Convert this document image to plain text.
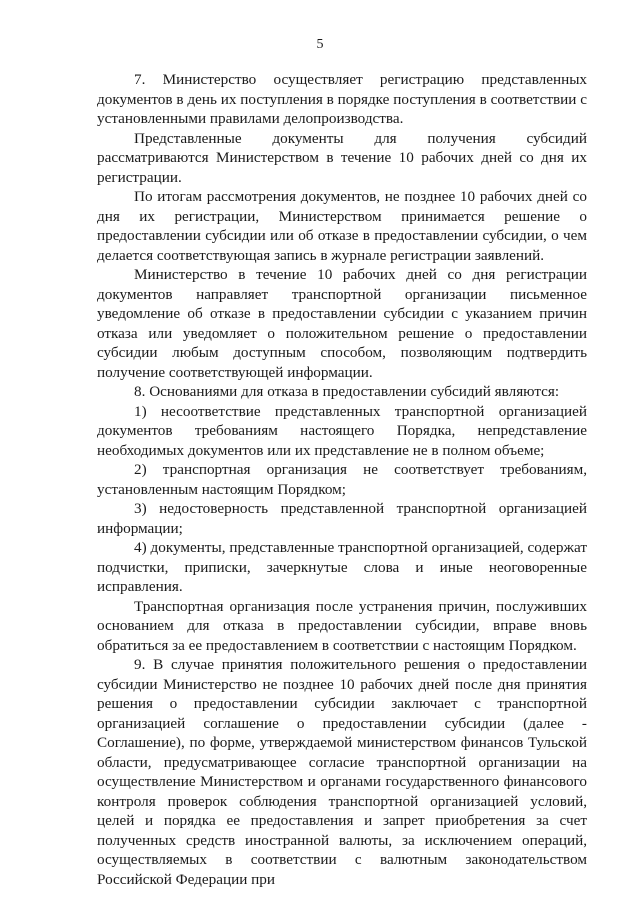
5

7. Министерство осуществляет регистрацию представленных документов в день их поступления в порядке поступления в соответствии с установленными правилами делопроизводства.

Представленные документы для получения субсидий рассматриваются Министерством в течение 10 рабочих дней со дня их регистрации.

По итогам рассмотрения документов, не позднее 10 рабочих дней со дня их регистрации, Министерством принимается решение о предоставлении субсидии или об отказе в предоставлении субсидии, о чем делается соответствующая запись в журнале регистрации заявлений.

Министерство в течение 10 рабочих дней со дня регистрации документов направляет транспортной организации письменное уведомление об отказе в предоставлении субсидии с указанием причин отказа или уведомляет о положительном решение о предоставлении субсидии любым доступным способом, позволяющим подтвердить получение соответствующей информации.

8. Основаниями для отказа в предоставлении субсидий являются:

1) несоответствие представленных транспортной организацией документов требованиям настоящего Порядка, непредставление необходимых документов или их представление не в полном объеме;

2) транспортная организация не соответствует требованиям, установленным настоящим Порядком;

3) недостоверность представленной транспортной организацией информации;

4) документы, представленные транспортной организацией, содержат подчистки, приписки, зачеркнутые слова и иные неоговоренные исправления.

Транспортная организация после устранения причин, послуживших основанием для отказа в предоставлении субсидии, вправе вновь обратиться за ее предоставлением в соответствии с настоящим Порядком.

9. В случае принятия положительного решения о предоставлении субсидии Министерство не позднее 10 рабочих дней после дня принятия решения о предоставлении субсидии заключает с транспортной организацией соглашение о предоставлении субсидии (далее - Соглашение), по форме, утверждаемой министерством финансов Тульской области, предусматривающее согласие транспортной организации на осуществление Министерством и органами государственного финансового контроля проверок соблюдения транспортной организацией условий, целей и порядка ее предоставления и запрет приобретения за счет полученных средств иностранной валюты, за исключением операций, осуществляемых в соответствии с валютным законодательством Российской Федерации при
